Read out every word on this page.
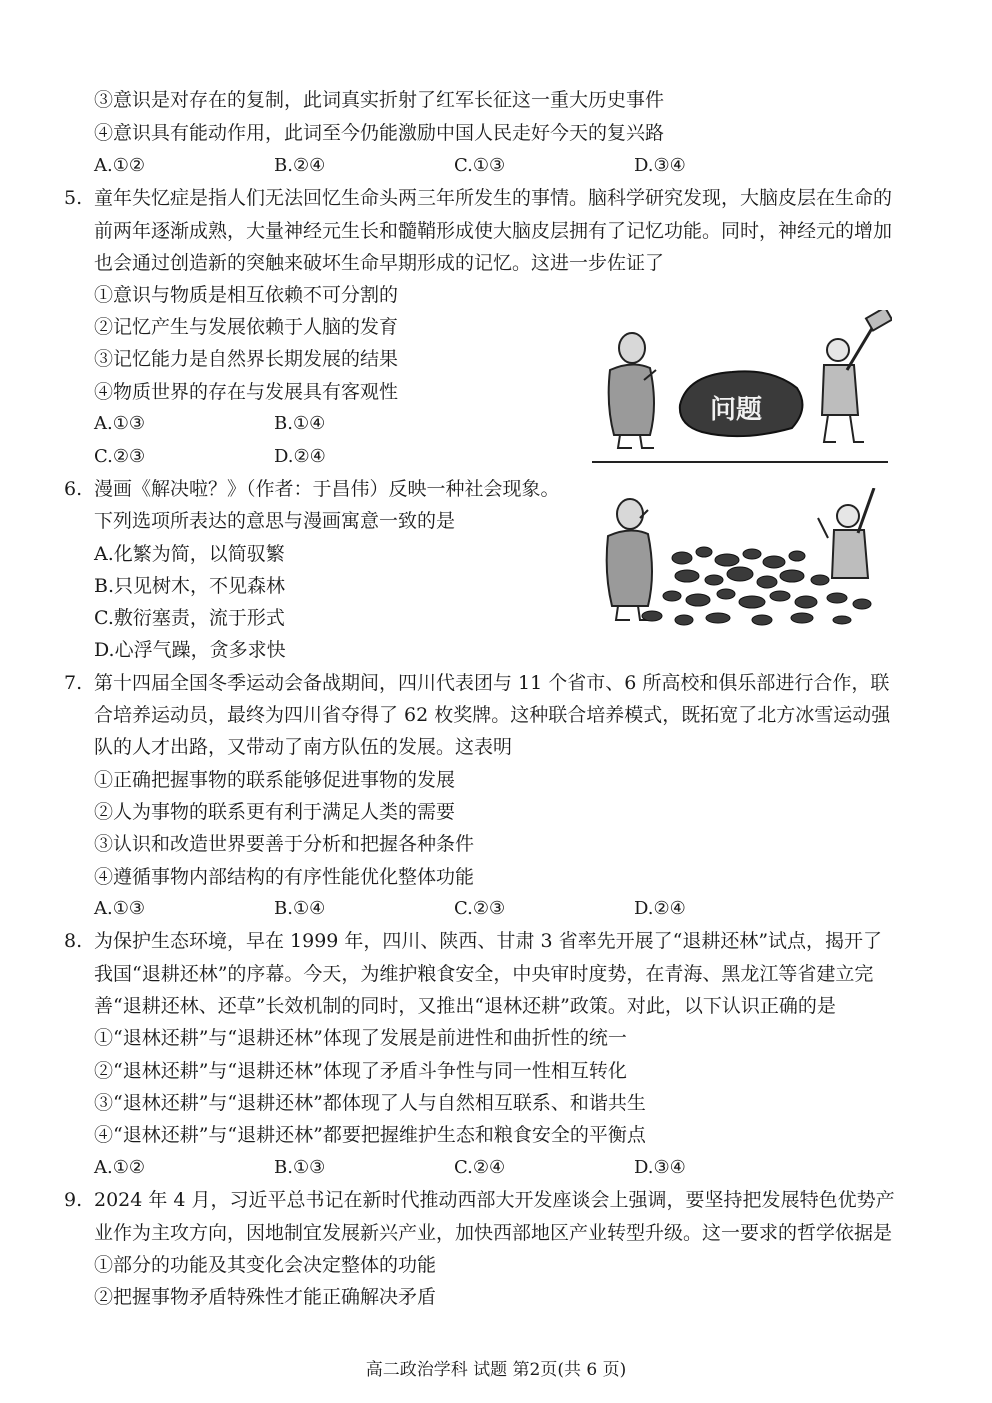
③意识是对存在的复制，此词真实折射了红军长征这一重大历史事件
④意识具有能动作用，此词至今仍能激励中国人民走好今天的复兴路
A.①②	B.②④	C.①③	D.③④
5. 童年失忆症是指人们无法回忆生命头两三年所发生的事情。脑科学研究发现，大脑皮层在生命的
前两年逐渐成熟，大量神经元生长和髓鞘形成使大脑皮层拥有了记忆功能。同时，神经元的增加
也会通过创造新的突触来破坏生命早期形成的记忆。这进一步佐证了
①意识与物质是相互依赖不可分割的
②记忆产生与发展依赖于人脑的发育
③记忆能力是自然界长期发展的结果
④物质世界的存在与发展具有客观性
A.①③	B.①④
C.②③	D.②④
问题
6. 漫画《解决啦？》（作者：于昌伟）反映一种社会现象。
下列选项所表达的意思与漫画寓意一致的是
A.化繁为简，以简驭繁
B.只见树木，不见森林
C.敷衍塞责，流于形式
D.心浮气躁，贪多求快
7. 第十四届全国冬季运动会备战期间，四川代表团与 11 个省市、6 所高校和俱乐部进行合作，联
合培养运动员，最终为四川省夺得了 62 枚奖牌。这种联合培养模式，既拓宽了北方冰雪运动强
队的人才出路，又带动了南方队伍的发展。这表明
①正确把握事物的联系能够促进事物的发展
②人为事物的联系更有利于满足人类的需要
③认识和改造世界要善于分析和把握各种条件
④遵循事物内部结构的有序性能优化整体功能
A.①③	B.①④	C.②③	D.②④
8. 为保护生态环境，早在 1999 年，四川、陕西、甘肃 3 省率先开展了“退耕还林”试点，揭开了
我国“退耕还林”的序幕。今天，为维护粮食安全，中央审时度势，在青海、黑龙江等省建立完
善“退耕还林、还草”长效机制的同时，又推出“退林还耕”政策。对此，以下认识正确的是
①“退林还耕”与“退耕还林”体现了发展是前进性和曲折性的统一
②“退林还耕”与“退耕还林”体现了矛盾斗争性与同一性相互转化
③“退林还耕”与“退耕还林”都体现了人与自然相互联系、和谐共生
④“退林还耕”与“退耕还林”都要把握维护生态和粮食安全的平衡点
A.①②	B.①③	C.②④	D.③④
9. 2024 年 4 月，习近平总书记在新时代推动西部大开发座谈会上强调，要坚持把发展特色优势产
业作为主攻方向，因地制宜发展新兴产业，加快西部地区产业转型升级。这一要求的哲学依据是
①部分的功能及其变化会决定整体的功能
②把握事物矛盾特殊性才能正确解决矛盾
高二政治学科 试题 第2页(共 6 页)
